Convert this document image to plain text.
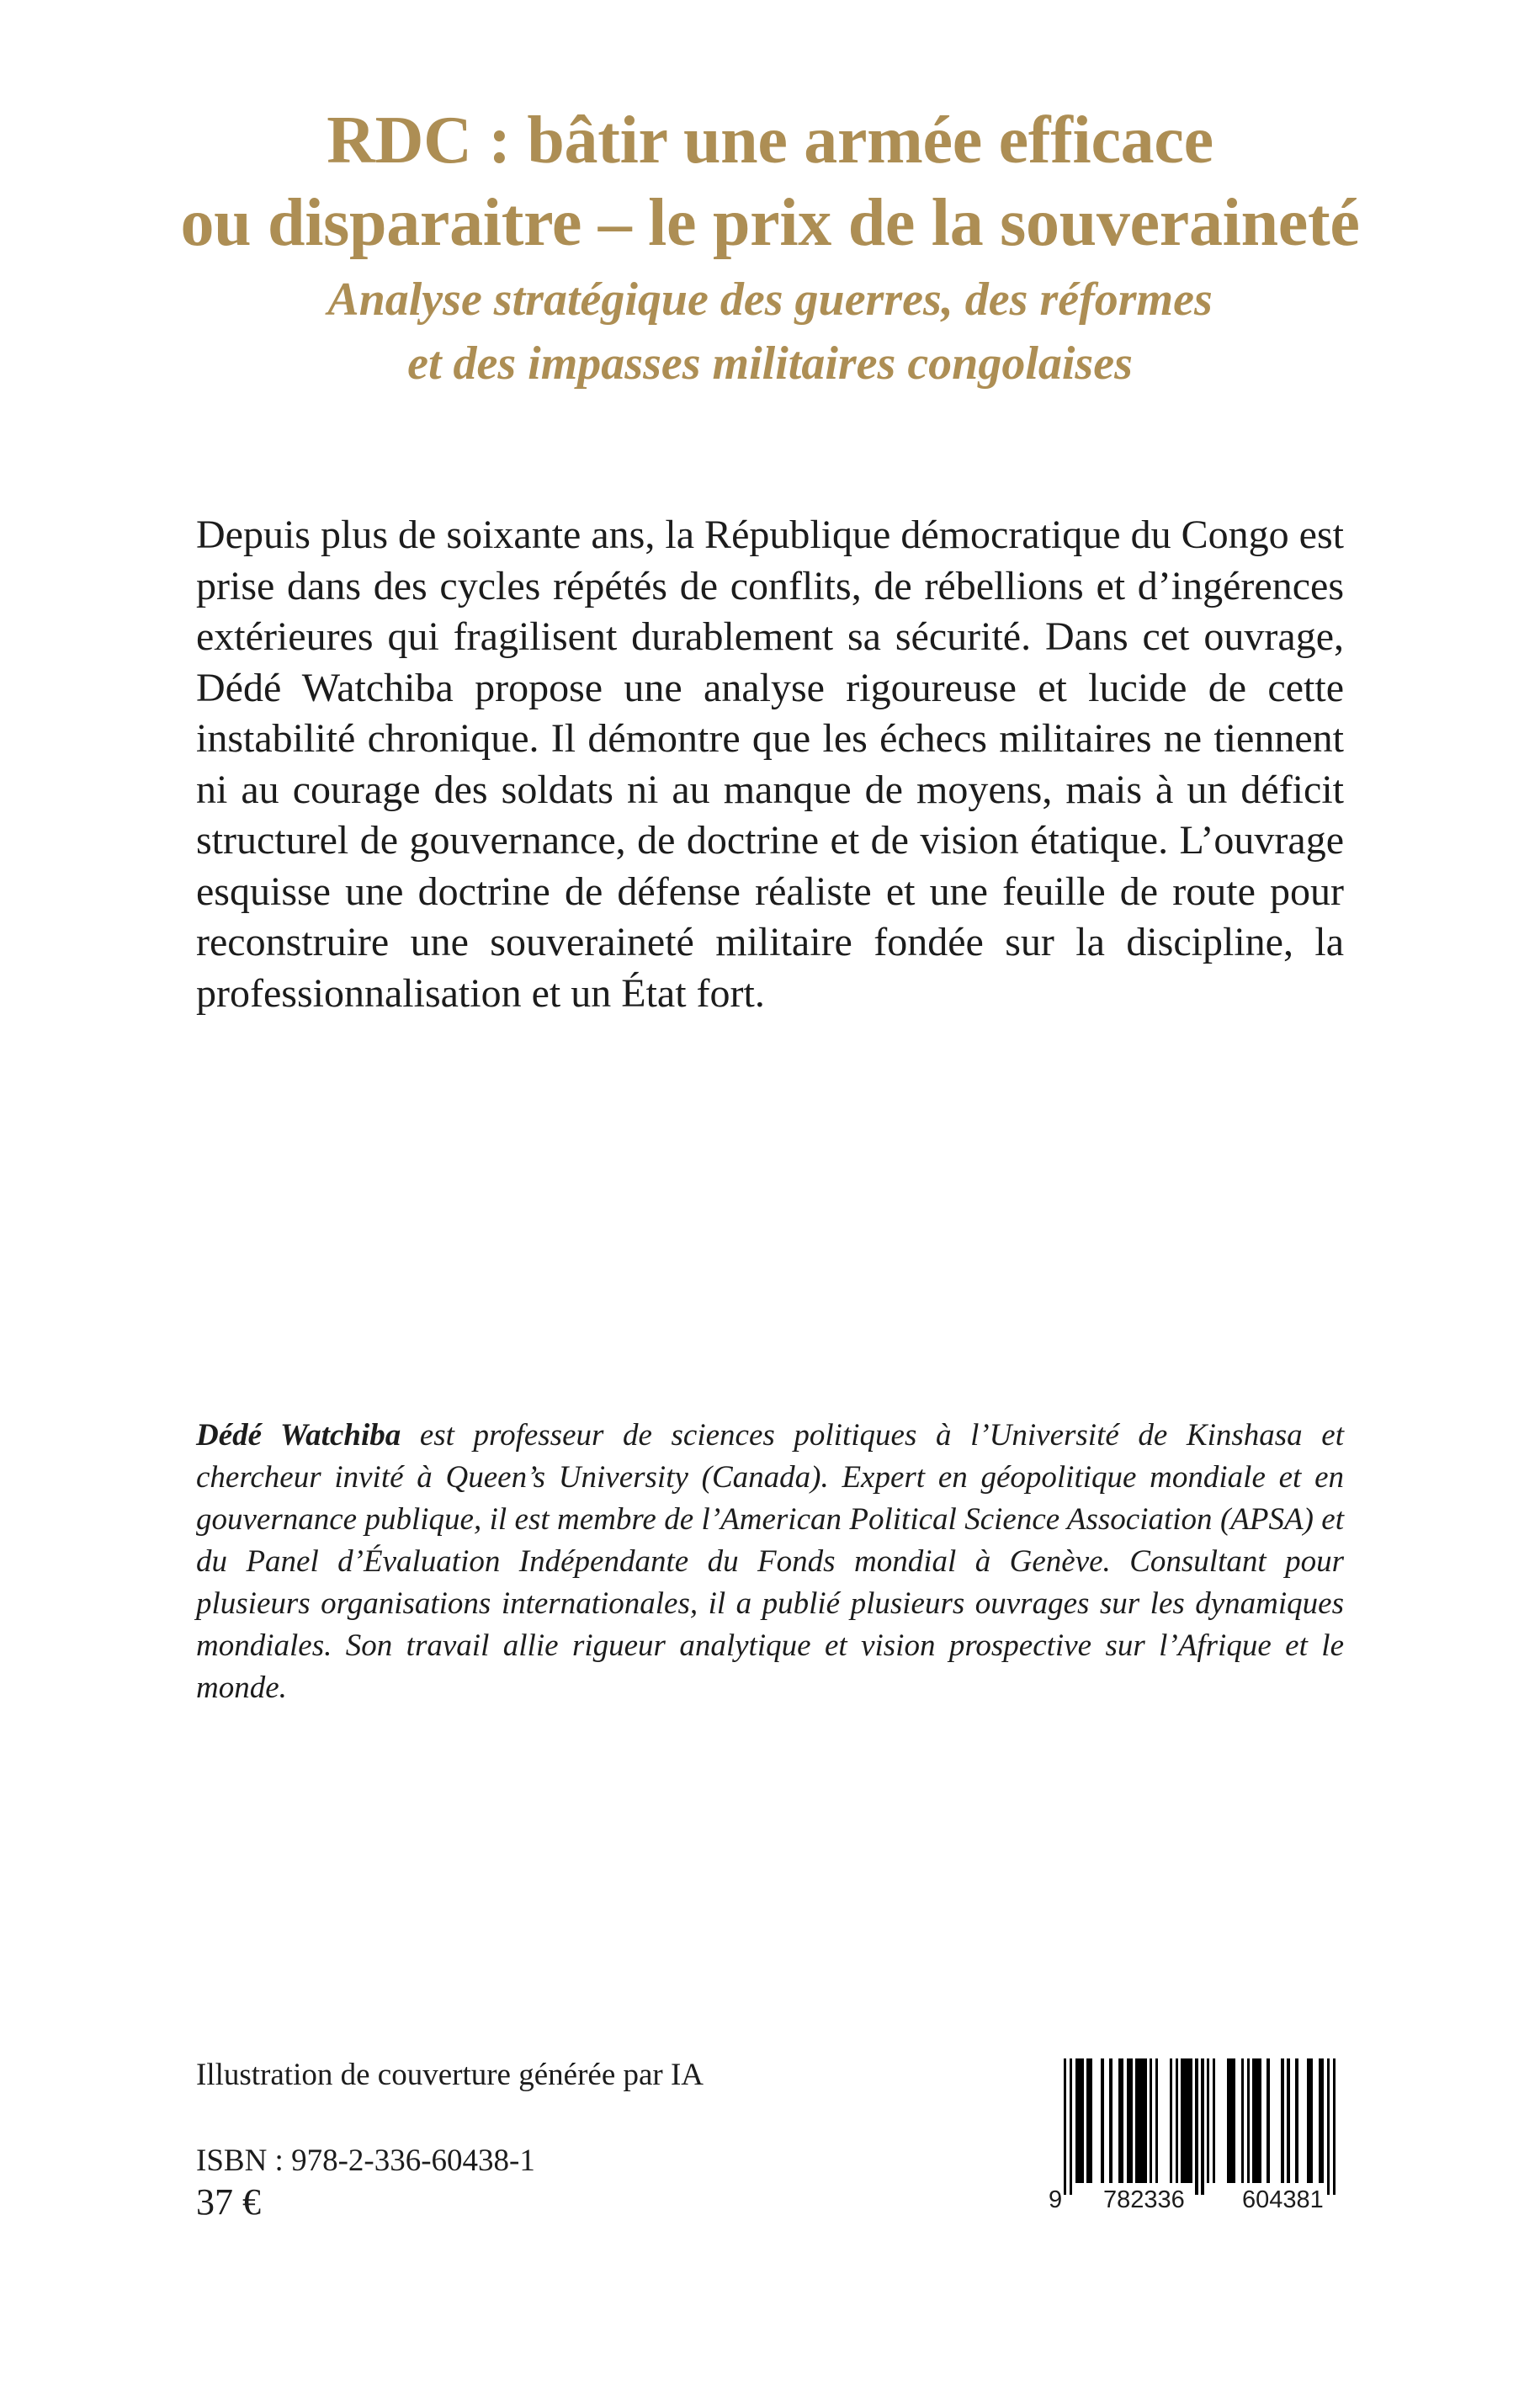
RDC : bâtir une armée efficace
ou disparaitre – le prix de la souveraineté
Analyse stratégique des guerres, des réformes
et des impasses militaires congolaises

Depuis plus de soixante ans, la République démocratique du Congo est prise dans des cycles répétés de conflits, de rébellions et d’ingérences extérieures qui fragilisent durablement sa sécurité. Dans cet ouvrage, Dédé Watchiba propose une analyse rigoureuse et lucide de cette instabilité chronique. Il démontre que les échecs militaires ne tiennent ni au courage des soldats ni au manque de moyens, mais à un déficit structurel de gouvernance, de doctrine et de vision étatique. L’ouvrage esquisse une doctrine de défense réaliste et une feuille de route pour reconstruire une souveraineté militaire fondée sur la discipline, la professionnalisation et un État fort.

Dédé Watchiba est professeur de sciences politiques à l’Université de Kinshasa et chercheur invité à Queen’s University (Canada). Expert en géopolitique mondiale et en gouvernance publique, il est membre de l’American Political Science Association (APSA) et du Panel d’Évaluation Indépendante du Fonds mondial à Genève. Consultant pour plusieurs organisations internationales, il a publié plusieurs ouvrages sur les dynamiques mondiales. Son travail allie rigueur analytique et vision prospective sur l’Afrique et le monde.

Illustration de couverture générée par IA
ISBN : 978-2-336-60438-1
37 €	9 782336 604381
